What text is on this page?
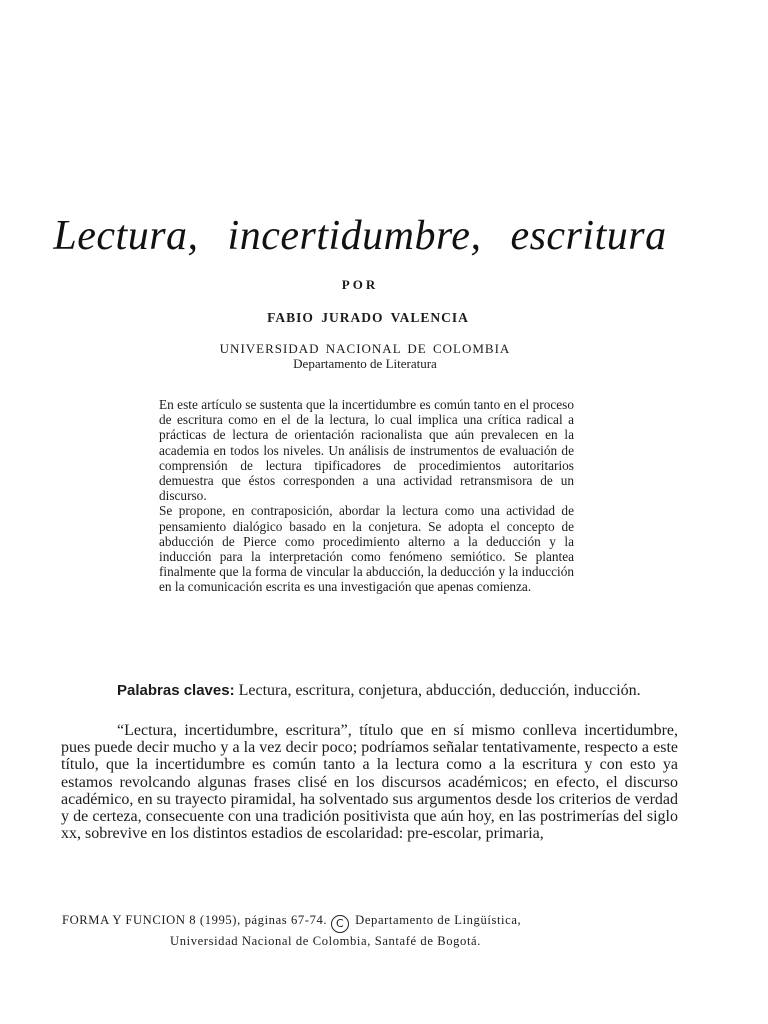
Lectura, incertidumbre, escritura
POR
FABIO JURADO VALENCIA
UNIVERSIDAD NACIONAL DE COLOMBIA
Departamento de Literatura

En este artículo se sustenta que la incertidumbre es común tanto en el proceso de escritura como en el de la lectura, lo cual implica una crítica radical a prácticas de lectura de orientación racionalista que aún prevalecen en la academia en todos los niveles. Un análisis de instrumentos de evaluación de comprensión de lectura tipificadores de procedimientos autoritarios demuestra que éstos corresponden a una actividad retransmisora de un discurso.

Se propone, en contraposición, abordar la lectura como una actividad de pensamiento dialógico basado en la conjetura. Se adopta el concepto de abducción de Pierce como procedimiento alterno a la deducción y la inducción para la interpretación como fenómeno semiótico. Se plantea finalmente que la forma de vincular la abducción, la deducción y la inducción en la comunicación escrita es una investigación que apenas comienza.

Palabras claves: Lectura, escritura, conjetura, abducción, deducción, inducción.

“Lectura, incertidumbre, escritura”, título que en sí mismo conlleva incertidumbre, pues puede decir mucho y a la vez decir poco; podríamos señalar tentativamente, respecto a este título, que la incertidumbre es común tanto a la lectura como a la escritura y con esto ya estamos revolcando algunas frases clisé en los discursos académicos; en efecto, el discurso académico, en su trayecto piramidal, ha solventado sus argumentos desde los criterios de verdad y de certeza, consecuente con una tradición positivista que aún hoy, en las postrimerías del siglo xx, sobrevive en los distintos estadios de escolaridad: pre-escolar, primaria,

FORMA Y FUNCION 8 (1995), páginas 67-74. C Departamento de Lingüística,
Universidad Nacional de Colombia, Santafé de Bogotá.
